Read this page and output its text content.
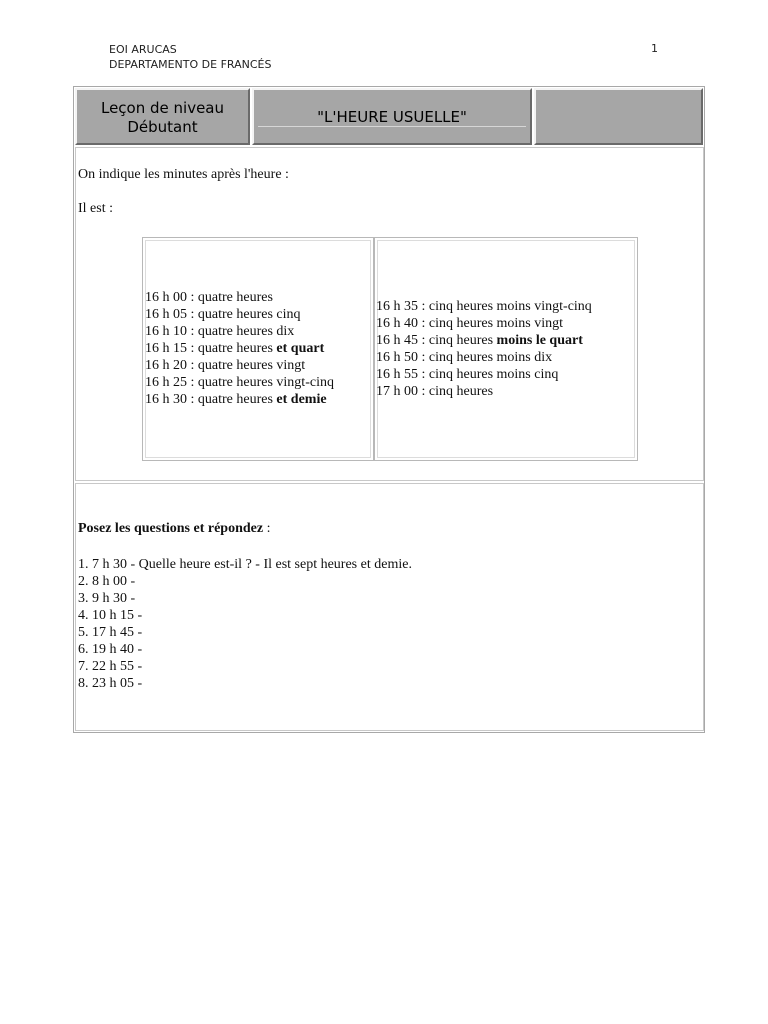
EOI ARUCAS
DEPARTAMENTO DE FRANCÉS
1
Leçon de niveau
Débutant
"L'HEURE USUELLE"
On indique les minutes après l'heure :
Il est :
16 h 00 : quatre heures
16 h 05 : quatre heures cinq
16 h 10 : quatre heures dix
16 h 15 : quatre heures et quart
16 h 20 : quatre heures vingt
16 h 25 : quatre heures vingt-cinq
16 h 30 : quatre heures et demie
16 h 35 : cinq heures moins vingt-cinq
16 h 40 : cinq heures moins vingt
16 h 45 : cinq heures moins le quart
16 h 50 : cinq heures moins dix
16 h 55 : cinq heures moins cinq
17 h 00 : cinq heures
Posez les questions et répondez :
1. 7 h 30 - Quelle heure est-il ? - Il est sept heures et demie.
2. 8 h 00 -
3. 9 h 30 -
4. 10 h 15 -
5. 17 h 45 -
6. 19 h 40 -
7. 22 h 55 -
8. 23 h 05 -
